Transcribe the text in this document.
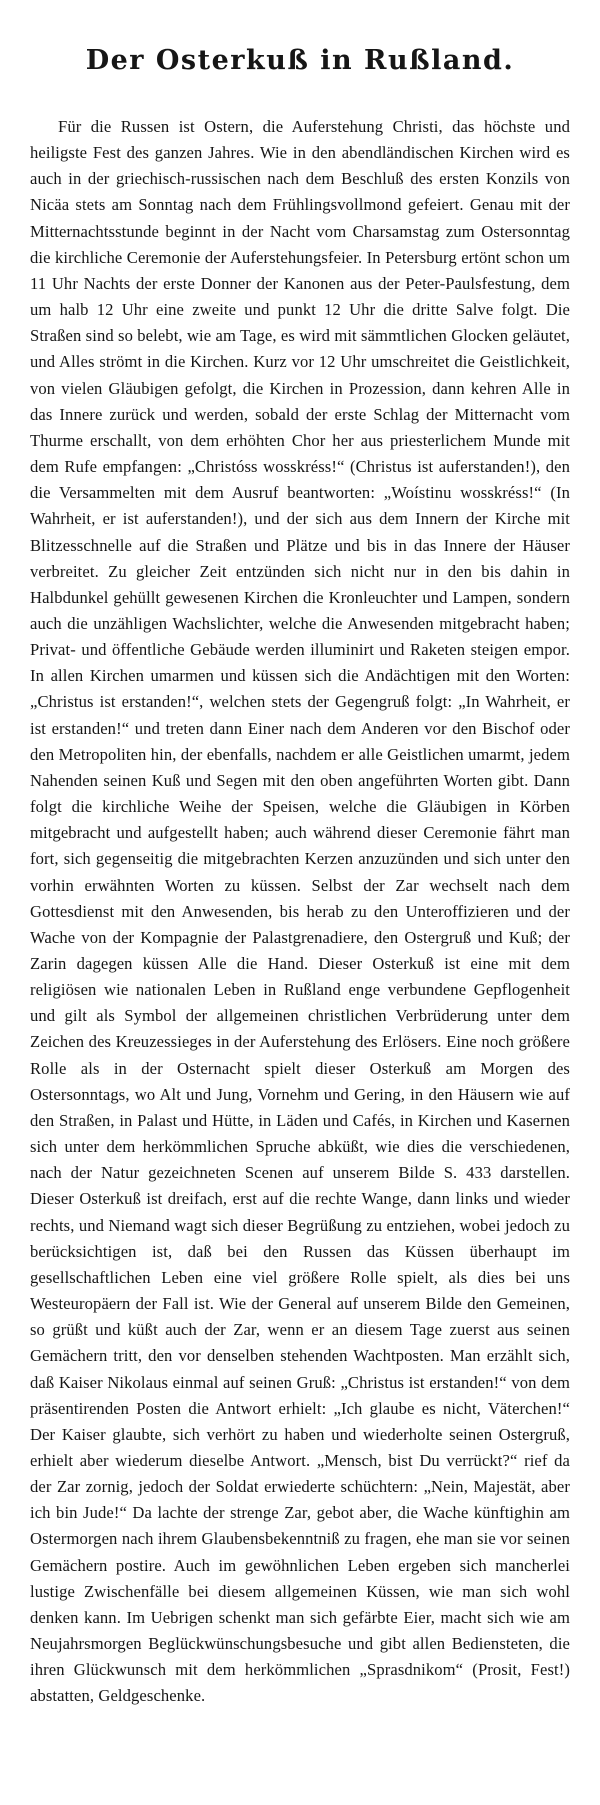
Der Osterkuß in Rußland.

Für die Russen ist Ostern, die Auferstehung Christi, das höchste und heiligste Fest des ganzen Jahres. Wie in den abendländischen Kirchen wird es auch in der griechisch-russischen nach dem Beschluß des ersten Konzils von Nicäa stets am Sonntag nach dem Frühlingsvollmond gefeiert. Genau mit der Mitternachtsstunde beginnt in der Nacht vom Charsamstag zum Ostersonntag die kirchliche Ceremonie der Auferstehungsfeier. In Petersburg ertönt schon um 11 Uhr Nachts der erste Donner der Kanonen aus der Peter-Paulsfestung, dem um halb 12 Uhr eine zweite und punkt 12 Uhr die dritte Salve folgt. Die Straßen sind so belebt, wie am Tage, es wird mit sämmtlichen Glocken geläutet, und Alles strömt in die Kirchen. Kurz vor 12 Uhr umschreitet die Geistlichkeit, von vielen Gläubigen gefolgt, die Kirchen in Prozession, dann kehren Alle in das Innere zurück und werden, sobald der erste Schlag der Mitternacht vom Thurme erschallt, von dem erhöhten Chor her aus priesterlichem Munde mit dem Rufe empfangen: „Christóss wosskréss!“ (Christus ist auferstanden!), den die Versammelten mit dem Ausruf beantworten: „Woístinu wosskréss!“ (In Wahrheit, er ist auferstanden!), und der sich aus dem Innern der Kirche mit Blitzesschnelle auf die Straßen und Plätze und bis in das Innere der Häuser verbreitet. Zu gleicher Zeit entzünden sich nicht nur in den bis dahin in Halbdunkel gehüllt gewesenen Kirchen die Kronleuchter und Lampen, sondern auch die unzähligen Wachslichter, welche die Anwesenden mitgebracht haben; Privat- und öffentliche Gebäude werden illuminirt und Raketen steigen empor. In allen Kirchen umarmen und küssen sich die Andächtigen mit den Worten: „Christus ist erstanden!“, welchen stets der Gegengruß folgt: „In Wahrheit, er ist erstanden!“ und treten dann Einer nach dem Anderen vor den Bischof oder den Metropoliten hin, der ebenfalls, nachdem er alle Geistlichen umarmt, jedem Nahenden seinen Kuß und Segen mit den oben angeführten Worten gibt. Dann folgt die kirchliche Weihe der Speisen, welche die Gläubigen in Körben mitgebracht und aufgestellt haben; auch während dieser Ceremonie fährt man fort, sich gegenseitig die mitgebrachten Kerzen anzuzünden und sich unter den vorhin erwähnten Worten zu küssen. Selbst der Zar wechselt nach dem Gottesdienst mit den Anwesenden, bis herab zu den Unteroffizieren und der Wache von der Kompagnie der Palastgrenadiere, den Ostergruß und Kuß; der Zarin dagegen küssen Alle die Hand. Dieser Osterkuß ist eine mit dem religiösen wie nationalen Leben in Rußland enge verbundene Gepflogenheit und gilt als Symbol der allgemeinen christlichen Verbrüderung unter dem Zeichen des Kreuzessieges in der Auferstehung des Erlösers. Eine noch größere Rolle als in der Osternacht spielt dieser Osterkuß am Morgen des Ostersonntags, wo Alt und Jung, Vornehm und Gering, in den Häusern wie auf den Straßen, in Palast und Hütte, in Läden und Cafés, in Kirchen und Kasernen sich unter dem herkömmlichen Spruche abküßt, wie dies die verschiedenen, nach der Natur gezeichneten Scenen auf unserem Bilde S. 433 darstellen. Dieser Osterkuß ist dreifach, erst auf die rechte Wange, dann links und wieder rechts, und Niemand wagt sich dieser Begrüßung zu entziehen, wobei jedoch zu berücksichtigen ist, daß bei den Russen das Küssen überhaupt im gesellschaftlichen Leben eine viel größere Rolle spielt, als dies bei uns Westeuropäern der Fall ist. Wie der General auf unserem Bilde den Gemeinen, so grüßt und küßt auch der Zar, wenn er an diesem Tage zuerst aus seinen Gemächern tritt, den vor denselben stehenden Wachtposten. Man erzählt sich, daß Kaiser Nikolaus einmal auf seinen Gruß: „Christus ist erstanden!“ von dem präsentirenden Posten die Antwort erhielt: „Ich glaube es nicht, Väterchen!“ Der Kaiser glaubte, sich verhört zu haben und wiederholte seinen Ostergruß, erhielt aber wiederum dieselbe Antwort. „Mensch, bist Du verrückt?“ rief da der Zar zornig, jedoch der Soldat erwiederte schüchtern: „Nein, Majestät, aber ich bin Jude!“ Da lachte der strenge Zar, gebot aber, die Wache künftighin am Ostermorgen nach ihrem Glaubensbekenntniß zu fragen, ehe man sie vor seinen Gemächern postire. Auch im gewöhnlichen Leben ergeben sich mancherlei lustige Zwischenfälle bei diesem allgemeinen Küssen, wie man sich wohl denken kann. Im Uebrigen schenkt man sich gefärbte Eier, macht sich wie am Neujahrsmorgen Beglückwünschungsbesuche und gibt allen Bediensteten, die ihren Glückwunsch mit dem herkömmlichen „Sprasdnikom“ (Prosit, Fest!) abstatten, Geldgeschenke.
